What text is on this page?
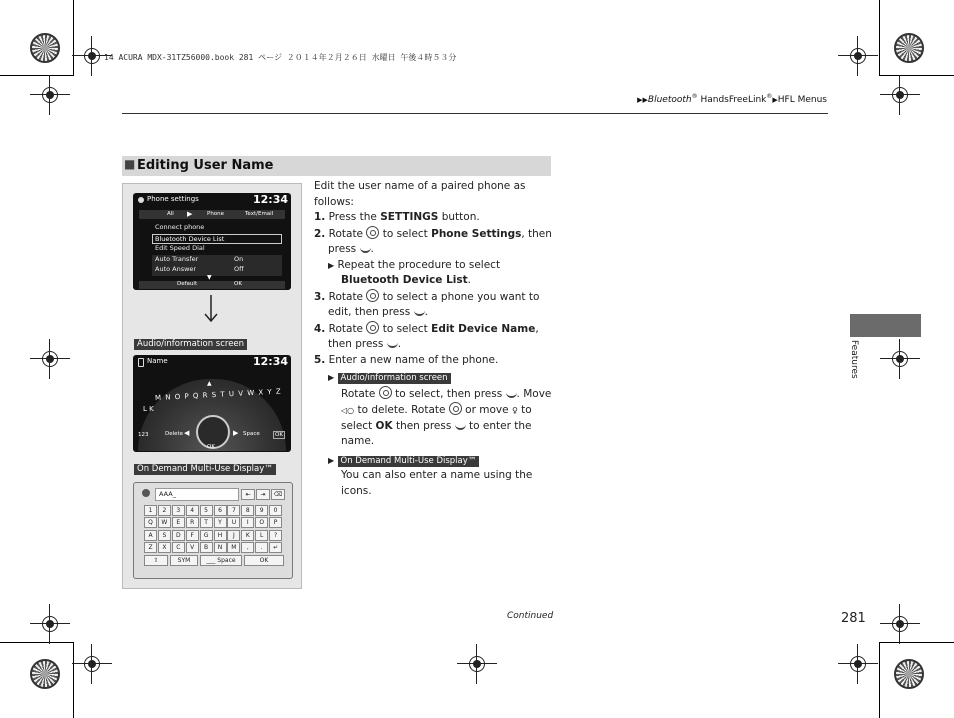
14 ACURA MDX-31TZ56000.book 281 ページ ２０１４年２月２６日 水曜日 午後４時５３分
▶▶Bluetooth® HandsFreeLink®▶HFL Menus
■ Editing User Name
Phone settings	12:34
All ▶	Phone	Text/Email
Connect phone
Bluetooth Device List
Edit Speed Dial
Auto Transfer	On
Auto Answer	Off
▼
Default	OK
Audio/information screen
Name	12:34
▲
M N O P Q R S T U V W X Y Z
L K
123	Delete ◀	▶ Space	OK
OK
On Demand Multi-Use Display™
AAA_	⇤	⇥	⌫
1	2	3	4	5	6	7	8	9	0
Q	W	E	R	T	Y	U	I	O	P
A	S	D	F	G	H	J	K	L	?
Z	X	C	V	B	N	M	,	.	↵
⇧	SYM	___ Space	OK
Edit the user name of a paired phone as follows:
1. Press the SETTINGS button.
2. Rotate  to select Phone Settings, then press .
▶ Repeat the procedure to select Bluetooth Device List.
3. Rotate  to select a phone you want to edit, then press .
4. Rotate  to select Edit Device Name, then press .
5. Enter a new name of the phone.
▶ Audio/information screen
Rotate  to select, then press . Move ◁○ to delete. Rotate  or move ♀ to select OK then press  to enter the name.
▶ On Demand Multi-Use Display™
You can also enter a name using the icons.
Features
Continued	281
